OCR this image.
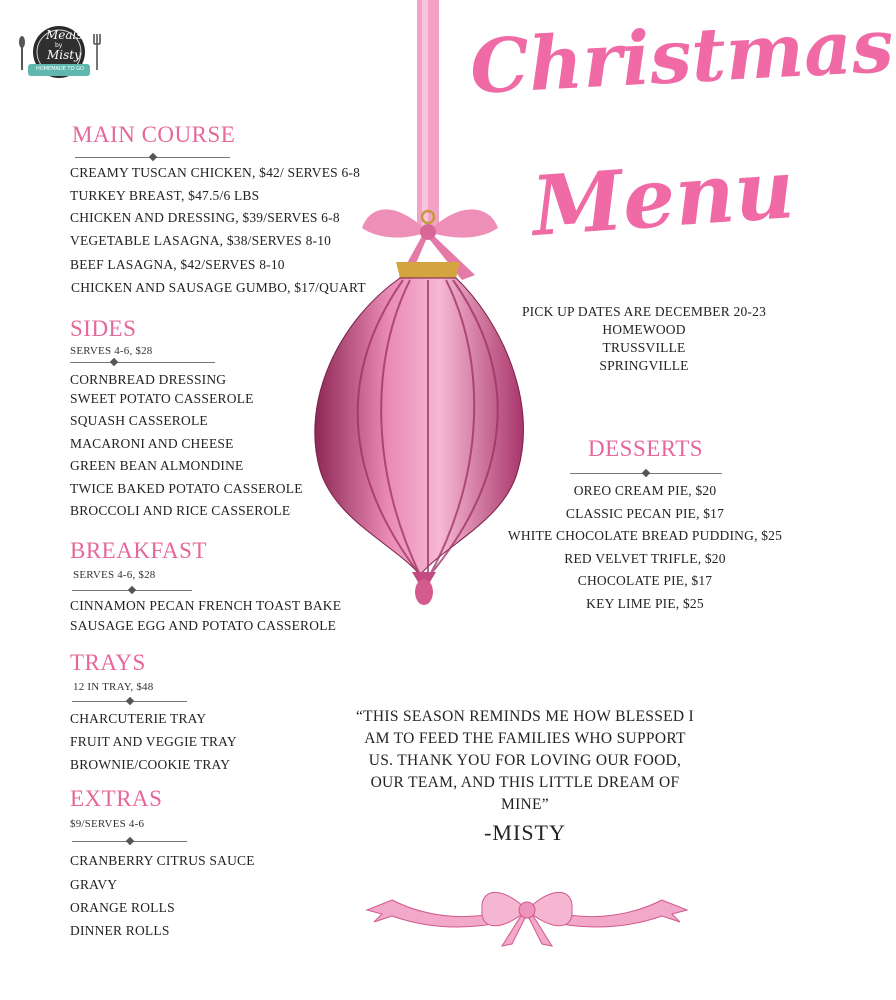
Meals
by
Misty
HOMEMADE TO GO	Christmas
Menu
MAIN COURSE
CREAMY TUSCAN CHICKEN, $42/ SERVES 6-8
TURKEY BREAST, $47.5/6 LBS
CHICKEN AND DRESSING, $39/SERVES 6-8
VEGETABLE LASAGNA, $38/SERVES 8-10
BEEF LASAGNA, $42/SERVES 8-10
CHICKEN AND SAUSAGE GUMBO, $17/QUART
SIDES
SERVES 4-6, $28
CORNBREAD DRESSING
SWEET POTATO CASSEROLE
SQUASH CASSEROLE
MACARONI AND CHEESE
GREEN BEAN ALMONDINE
TWICE BAKED POTATO CASSEROLE
BROCCOLI AND RICE CASSEROLE
BREAKFAST
SERVES 4-6, $28
CINNAMON PECAN FRENCH TOAST BAKE
SAUSAGE EGG AND POTATO CASSEROLE
TRAYS
12 IN TRAY, $48
CHARCUTERIE TRAY
FRUIT AND VEGGIE TRAY
BROWNIE/COOKIE TRAY
EXTRAS
$9/SERVES 4-6
CRANBERRY CITRUS SAUCE
GRAVY
ORANGE ROLLS
DINNER ROLLS
PICK UP DATES ARE DECEMBER 20-23
HOMEWOOD
TRUSSVILLE
SPRINGVILLE
DESSERTS
OREO CREAM PIE, $20
CLASSIC PECAN PIE, $17
WHITE CHOCOLATE BREAD PUDDING, $25
RED VELVET TRIFLE, $20
CHOCOLATE PIE, $17
KEY LIME PIE, $25
“THIS SEASON REMINDS ME HOW BLESSED I
AM TO FEED THE FAMILIES WHO SUPPORT
US. THANK YOU FOR LOVING OUR FOOD,
OUR TEAM, AND THIS LITTLE DREAM OF
MINE”
-MISTY
